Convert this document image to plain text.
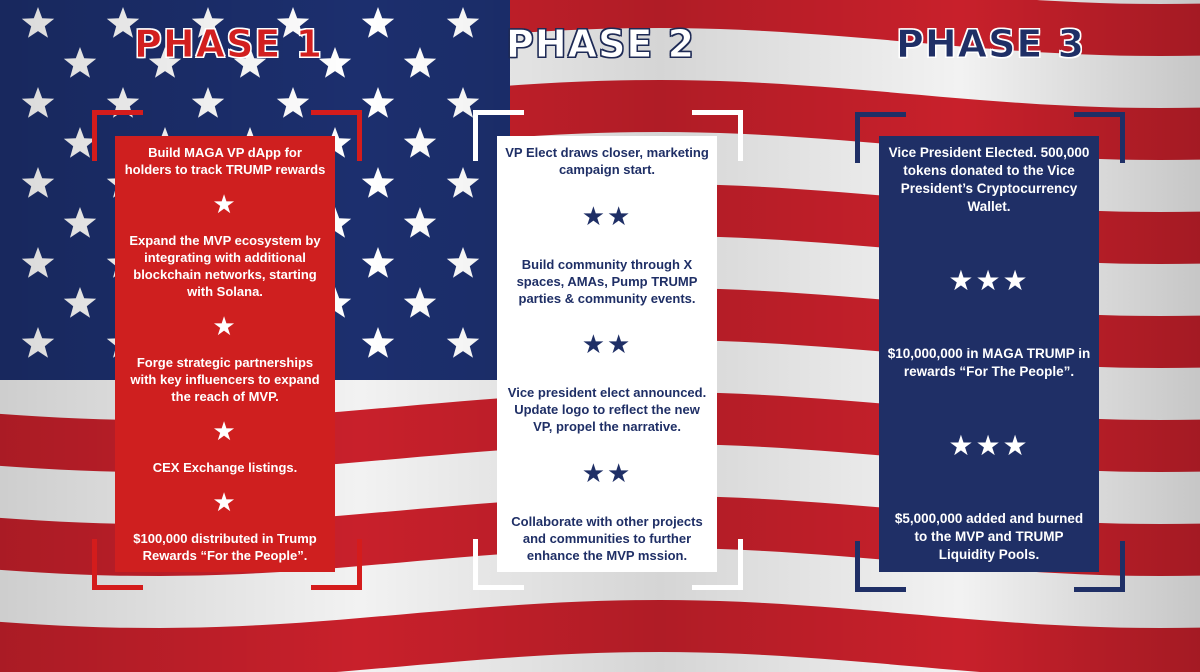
PHASE 1	PHASE 2	PHASE 3

Build MAGA VP dApp for holders to track TRUMP rewards

★

Expand the MVP ecosystem by integrating with additional blockchain networks, starting with Solana.

★

Forge strategic partnerships with key influencers to expand the reach of MVP.

★

CEX Exchange listings.

★

$100,000 distributed in Trump Rewards “For the People”.

VP Elect draws closer, marketing campaign start.

★★

Build community through X spaces, AMAs, Pump TRUMP parties & community events.

★★

Vice president elect announced. Update logo to reflect the new VP, propel the narrative.

★★

Collaborate with other projects and communities to further enhance the MVP mssion.

Vice President Elected. 500,000 tokens donated to the Vice President’s Cryptocurrency Wallet.

★★★

$10,000,000 in MAGA TRUMP in rewards “For The People”.

★★★

$5,000,000 added and burned to the MVP and TRUMP Liquidity Pools.
